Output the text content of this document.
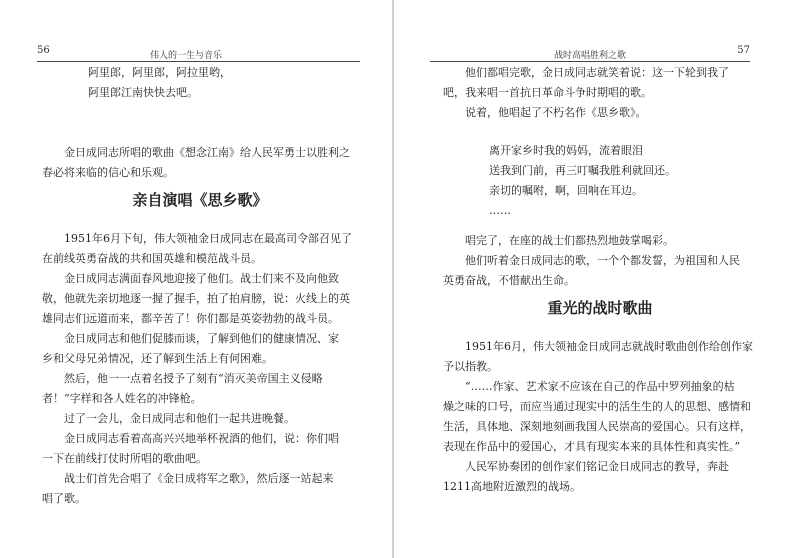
56	伟人的一生与音乐

阿里郎，阿里郎，阿拉里哟，

阿里郎江南快快去吧。

金日成同志所唱的歌曲《想念江南》给人民军勇士以胜利之

春必将来临的信心和乐观。

亲自演唱《思乡歌》

1951年6月下旬，伟大领袖金日成同志在最高司令部召见了

在前线英勇奋战的共和国英雄和模范战斗员。

金日成同志满面春风地迎接了他们。战士们来不及向他致

敬，他就先亲切地逐一握了握手，拍了拍肩膀，说：火线上的英

雄同志们远道而来，都辛苦了！你们都是英姿勃勃的战斗员。

金日成同志和他们促膝而谈，了解到他们的健康情况、家

乡和父母兄弟情况，还了解到生活上有何困难。

然后，他一一点着名授予了刻有“消灭美帝国主义侵略

者！”字样和各人姓名的冲锋枪。

过了一会儿，金日成同志和他们一起共进晚餐。

金日成同志看着高高兴兴地举杯祝酒的他们，说：你们唱

一下在前线打仗时所唱的歌曲吧。

战士们首先合唱了《金日成将军之歌》，然后逐一站起来

唱了歌。

57
战时高唱胜利之歌

他们都唱完歌，金日成同志就笑着说：这一下轮到我了

吧，我来唱一首抗日革命斗争时期唱的歌。

说着，他唱起了不朽名作《思乡歌》。

离开家乡时我的妈妈，流着眼泪

送我到门前，再三叮嘱我胜利就回还。

亲切的嘱咐，啊，回响在耳边。

……

唱完了，在座的战士们都热烈地鼓掌喝彩。

他们听着金日成同志的歌，一个个都发誓，为祖国和人民

英勇奋战，不惜献出生命。

重光的战时歌曲

1951年6月，伟大领袖金日成同志就战时歌曲创作给创作家

予以指教。

“……作家、艺术家不应该在自己的作品中罗列抽象的枯

燥之味的口号，而应当通过现实中的活生生的人的思想、感情和

生活，具体地、深刻地刻画我国人民崇高的爱国心。只有这样，

表现在作品中的爱国心，才具有现实本来的具体性和真实性。”

人民军协奏团的创作家们铭记金日成同志的教导，奔赴

1211高地附近激烈的战场。
